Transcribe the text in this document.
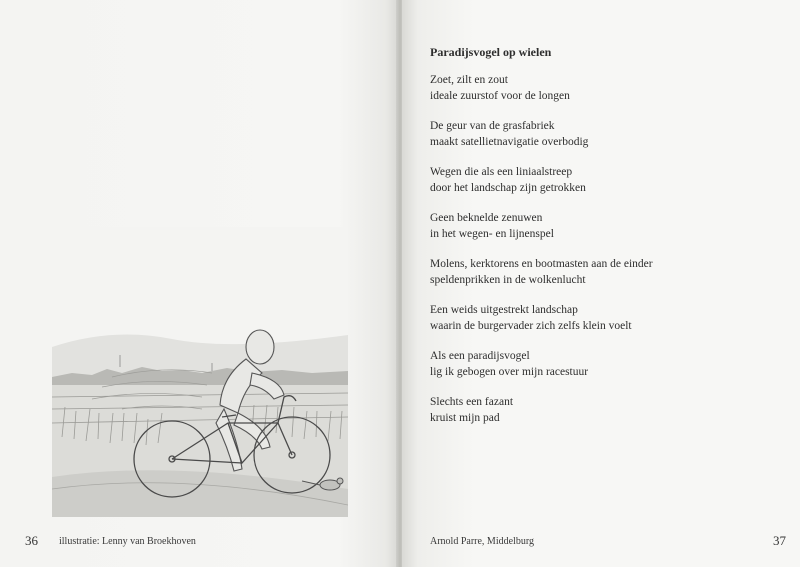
36 illustratie: Lenny van Broekhoven
Paradijsvogel op wielen
Zoet, zilt en zout
ideale zuurstof voor de longen
De geur van de grasfabriek
maakt satellietnavigatie overbodig
Wegen die als een liniaalstreep
door het landschap zijn getrokken
Geen beknelde zenuwen
in het wegen- en lijnenspel
Molens, kerktorens en bootmasten aan de einder
speldenprikken in de wolkenlucht
Een weids uitgestrekt landschap
waarin de burgervader zich zelfs klein voelt
Als een paradijsvogel
lig ik gebogen over mijn racestuur
Slechts een fazant
kruist mijn pad
Arnold Parre, Middelburg	37
